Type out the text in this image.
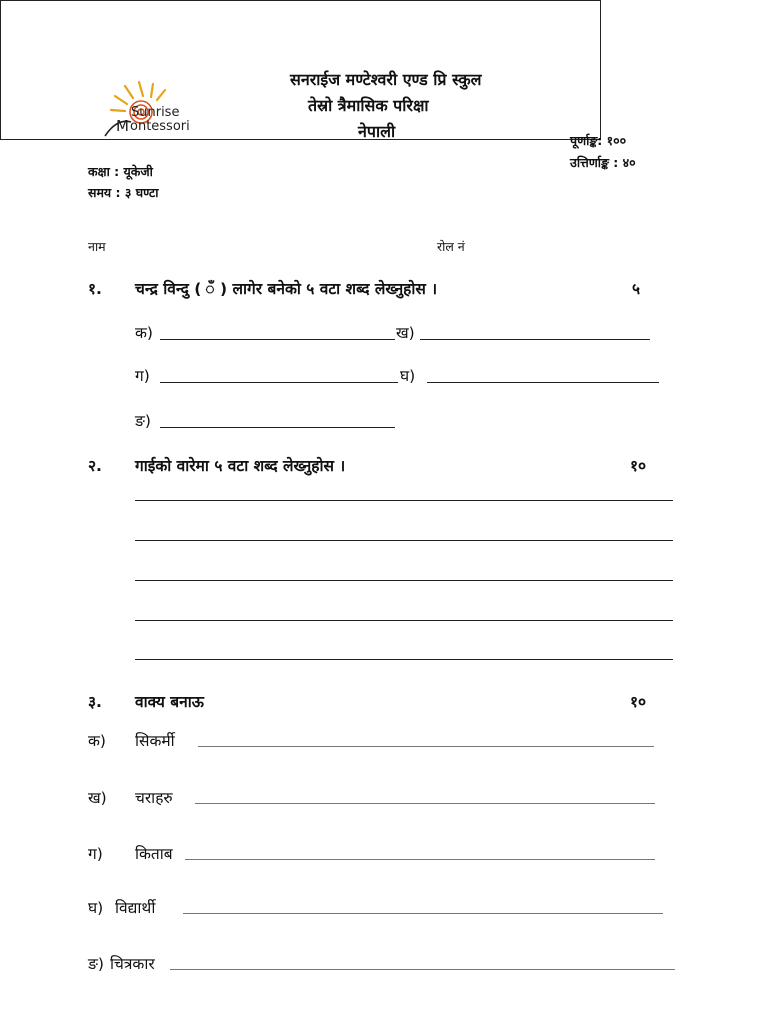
Sunrise
M ontessori
सनराईज मण्टेश्वरी एण्ड प्रि स्कुल
तेस्रो त्रैमासिक परिक्षा
नेपाली	पूर्णाङ्क: १००
उत्तिर्णाङ्क : ४०
कक्षा : यूकेजी
समय : ३ घण्टा
नाम	रोल नं
१. चन्द्र विन्दु ( ँ ) लागेर बनेको ५ वटा शब्द लेख्नुहोस ।	५
क)	ख)
ग)	घ)
ङ)
२. गाईको वारेमा ५ वटा शब्द लेख्नुहोस ।	१०
३. वाक्य बनाऊ	१०
क) सिकर्मी
ख) चराहरु
ग) किताब
घ) विद्यार्थी
ङ) चित्रकार
